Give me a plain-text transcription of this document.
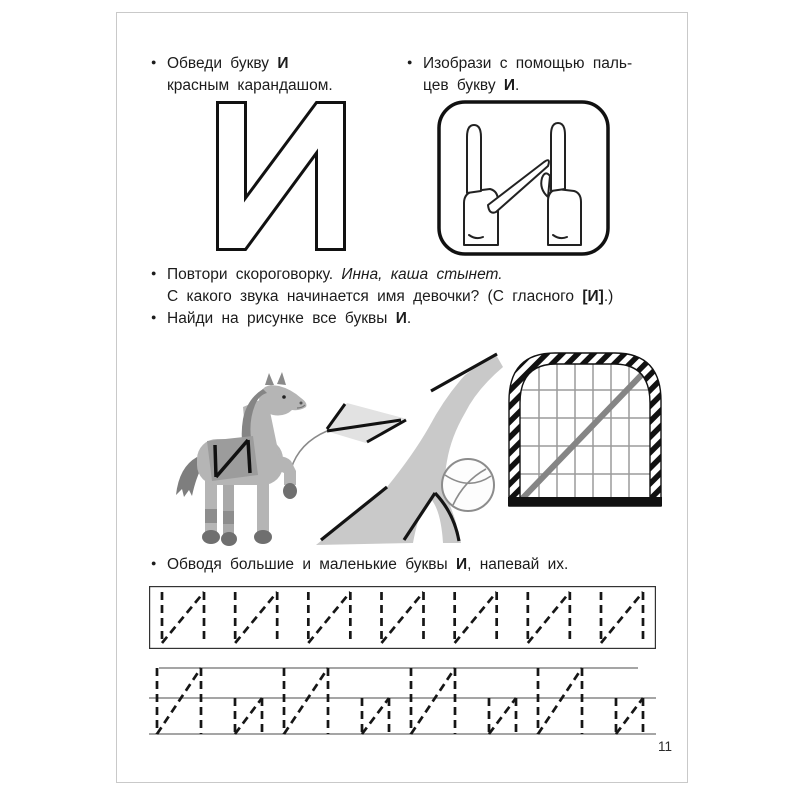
● Обведи букву И
красным карандашом.
● Изобрази с помощью паль-
цев букву И.
● Повтори скороговорку. Инна, каша стынет.
С какого звука начинается имя девочки? (С гласного [И].)
● Найди на рисунке все буквы И.
● Обводя большие и маленькие буквы И, напевай их.
11
